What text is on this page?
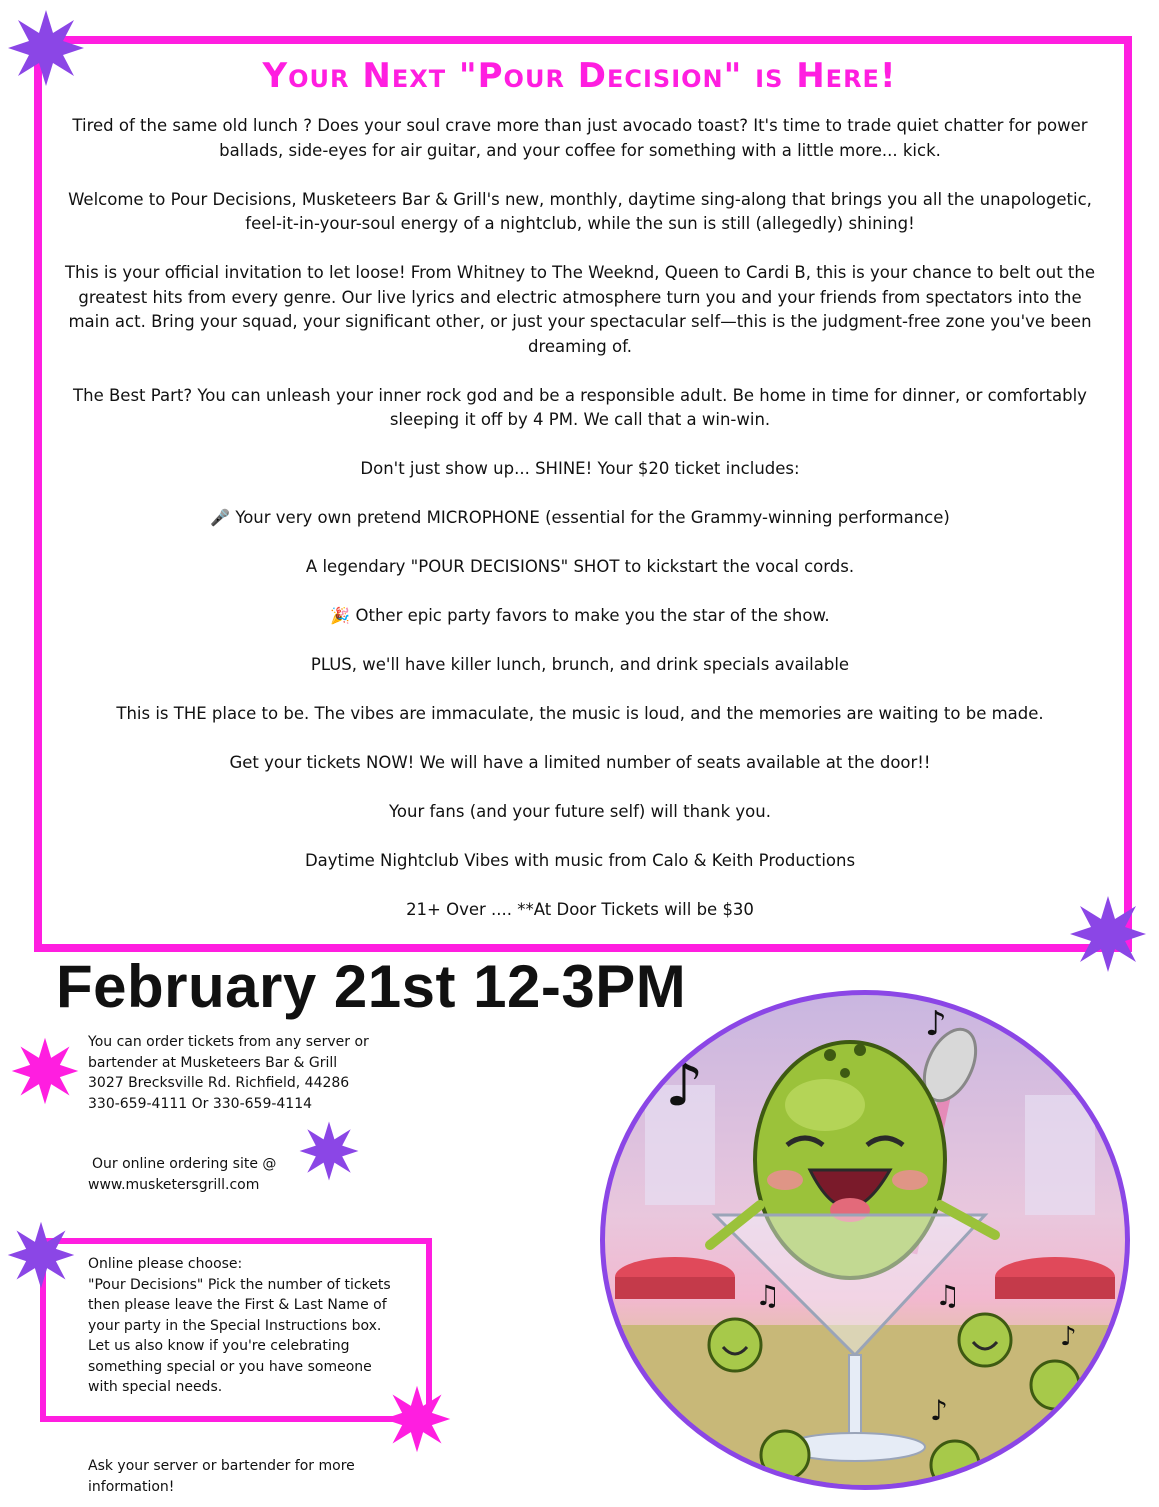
Your Next "Pour Decision" is Here!

Tired of the same old lunch ? Does your soul crave more than just avocado toast? It's time to trade quiet chatter for power ballads, side-eyes for air guitar, and your coffee for something with a little more... kick.

Welcome to Pour Decisions, Musketeers Bar & Grill's new, monthly, daytime sing-along that brings you all the unapologetic, feel-it-in-your-soul energy of a nightclub, while the sun is still (allegedly) shining!

This is your official invitation to let loose! From Whitney to The Weeknd, Queen to Cardi B, this is your chance to belt out the greatest hits from every genre. Our live lyrics and electric atmosphere turn you and your friends from spectators into the main act. Bring your squad, your significant other, or just your spectacular self—this is the judgment-free zone you've been dreaming of.

The Best Part? You can unleash your inner rock god and be a responsible adult. Be home in time for dinner, or comfortably sleeping it off by 4 PM. We call that a win-win.

Don't just show up... SHINE! Your $20 ticket includes:

🎤 Your very own pretend MICROPHONE (essential for the Grammy-winning performance)

A legendary "POUR DECISIONS" SHOT to kickstart the vocal cords.

🎉 Other epic party favors to make you the star of the show.

PLUS, we'll have killer lunch, brunch, and drink specials available

This is THE place to be. The vibes are immaculate, the music is loud, and the memories are waiting to be made.

Get your tickets NOW! We will have a limited number of seats available at the door!!

Your fans (and your future self) will thank you.

Daytime Nightclub Vibes with music from Calo & Keith Productions

21+ Over .... **At Door Tickets will be $30

February 21st 12-3PM
You can order tickets from any server or
bartender at Musketeers Bar & Grill
3027 Brecksville Rd. Richfield, 44286
330-659-4111 Or 330-659-4114
Our online ordering site @
www.musketersgrill.com
Online please choose:
"Pour Decisions" Pick the number of tickets
then please leave the First & Last Name of
your party in the Special Instructions box.
Let us also know if you're celebrating
something special or you have someone
with special needs.
Ask your server or bartender for more
information!
♪
♪
♫	♫
♪
♪
